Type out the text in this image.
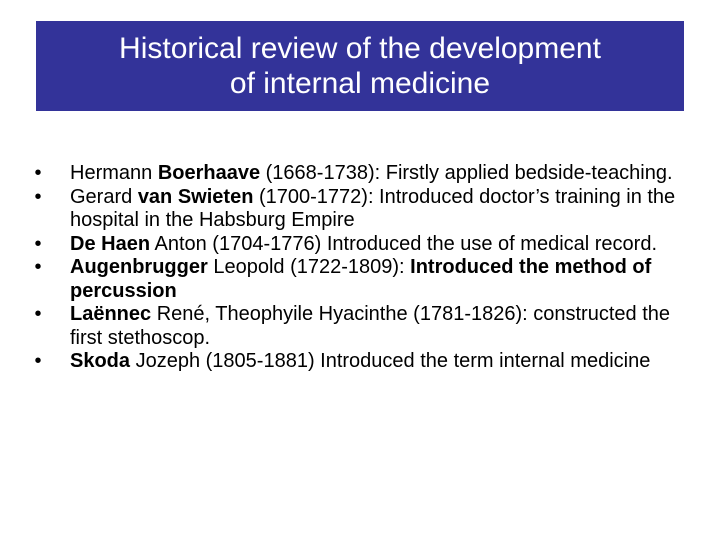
Historical review of the development
of internal medicine
•	Hermann Boerhaave (1668-1738): Firstly applied bedside-teaching.
•	Gerard van Swieten (1700-1772): Introduced doctor’s training in the hospital in the Habsburg Empire
•	De Haen Anton (1704-1776) Introduced the use of medical record.
•	Augenbrugger Leopold (1722-1809): Introduced the method of percussion
•	Laënnec René, Theophyile Hyacinthe (1781-1826): constructed the first stethoscop.
•	Skoda Jozeph (1805-1881) Introduced the term internal medicine
